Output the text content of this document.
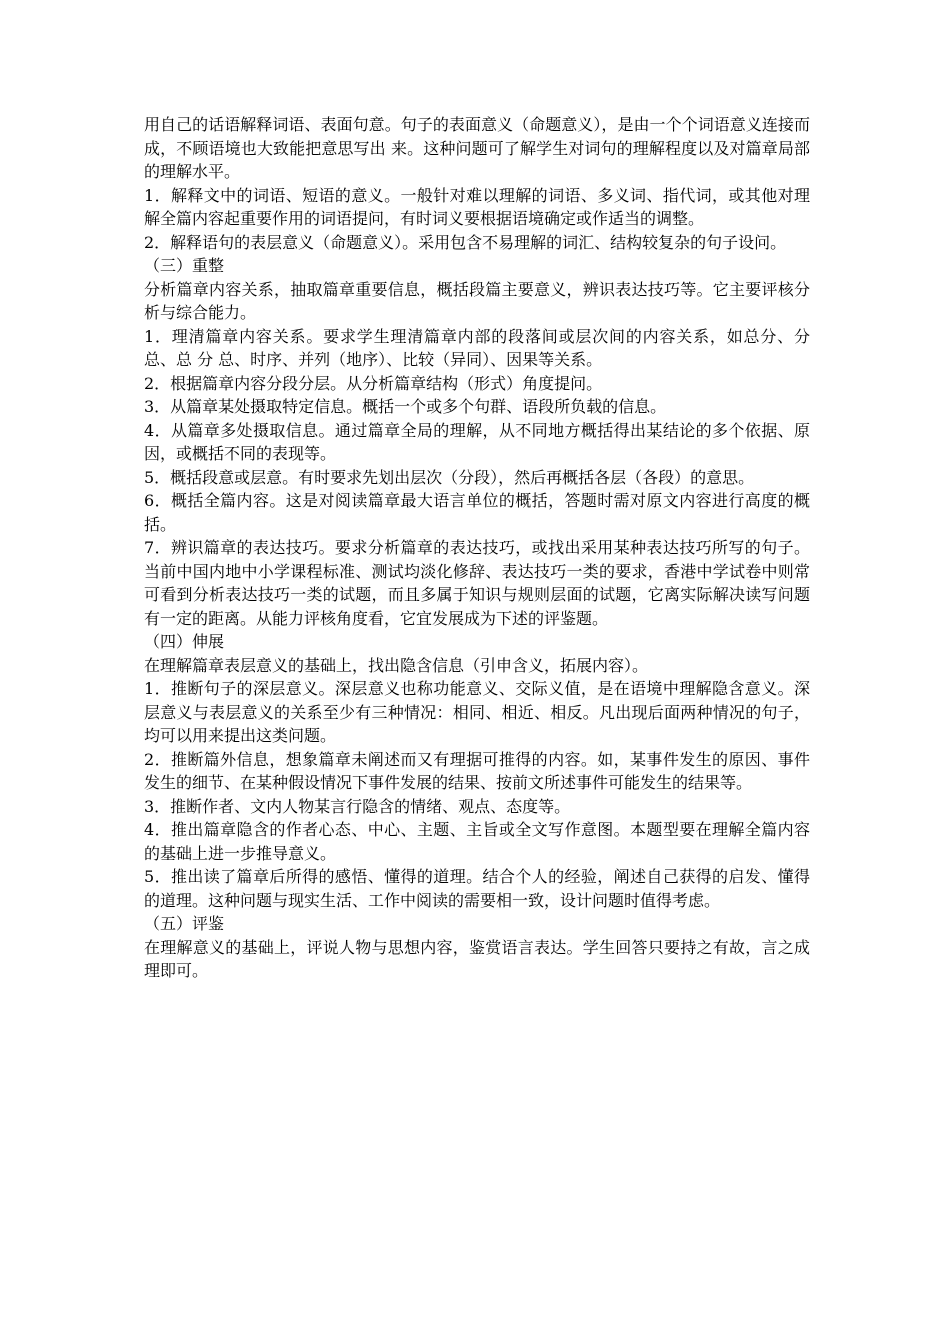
用自己的话语解释词语、表面句意。句子的表面意义（命题意义），是由一个个词语意义连接而成，不顾语境也大致能把意思写出 来。这种问题可了解学生对词句的理解程度以及对篇章局部的理解水平。

1．解释文中的词语、短语的意义。一般针对难以理解的词语、多义词、指代词，或其他对理解全篇内容起重要作用的词语提问，有时词义要根据语境确定或作适当的调整。

2．解释语句的表层意义（命题意义）。采用包含不易理解的词汇、结构较复杂的句子设问。

（三）重整

分析篇章内容关系，抽取篇章重要信息，概括段篇主要意义，辨识表达技巧等。它主要评核分析与综合能力。

1．理清篇章内容关系。要求学生理清篇章内部的段落间或层次间的内容关系，如总分、分总、总 分 总、时序、并列（地序）、比较（异同）、因果等关系。

2．根据篇章内容分段分层。从分析篇章结构（形式）角度提问。

3．从篇章某处摄取特定信息。概括一个或多个句群、语段所负载的信息。

4．从篇章多处摄取信息。通过篇章全局的理解，从不同地方概括得出某结论的多个依据、原因，或概括不同的表现等。

5．概括段意或层意。有时要求先划出层次（分段），然后再概括各层（各段）的意思。

6．概括全篇内容。这是对阅读篇章最大语言单位的概括，答题时需对原文内容进行高度的概括。

7．辨识篇章的表达技巧。要求分析篇章的表达技巧，或找出采用某种表达技巧所写的句子。当前中国内地中小学课程标准、测试均淡化修辞、表达技巧一类的要求，香港中学试卷中则常可看到分析表达技巧一类的试题，而且多属于知识与规则层面的试题，它离实际解决读写问题有一定的距离。从能力评核角度看，它宜发展成为下述的评鉴题。

（四）伸展

在理解篇章表层意义的基础上，找出隐含信息（引申含义，拓展内容）。

1．推断句子的深层意义。深层意义也称功能意义、交际义值，是在语境中理解隐含意义。深层意义与表层意义的关系至少有三种情况：相同、相近、相反。凡出现后面两种情况的句子，均可以用来提出这类问题。

2．推断篇外信息，想象篇章未阐述而又有理据可推得的内容。如，某事件发生的原因、事件发生的细节、在某种假设情况下事件发展的结果、按前文所述事件可能发生的结果等。

3．推断作者、文内人物某言行隐含的情绪、观点、态度等。

4．推出篇章隐含的作者心态、中心、主题、主旨或全文写作意图。本题型要在理解全篇内容的基础上进一步推导意义。

5．推出读了篇章后所得的感悟、懂得的道理。结合个人的经验，阐述自己获得的启发、懂得的道理。这种问题与现实生活、工作中阅读的需要相一致，设计问题时值得考虑。

（五）评鉴

在理解意义的基础上，评说人物与思想内容，鉴赏语言表达。学生回答只要持之有故，言之成理即可。
